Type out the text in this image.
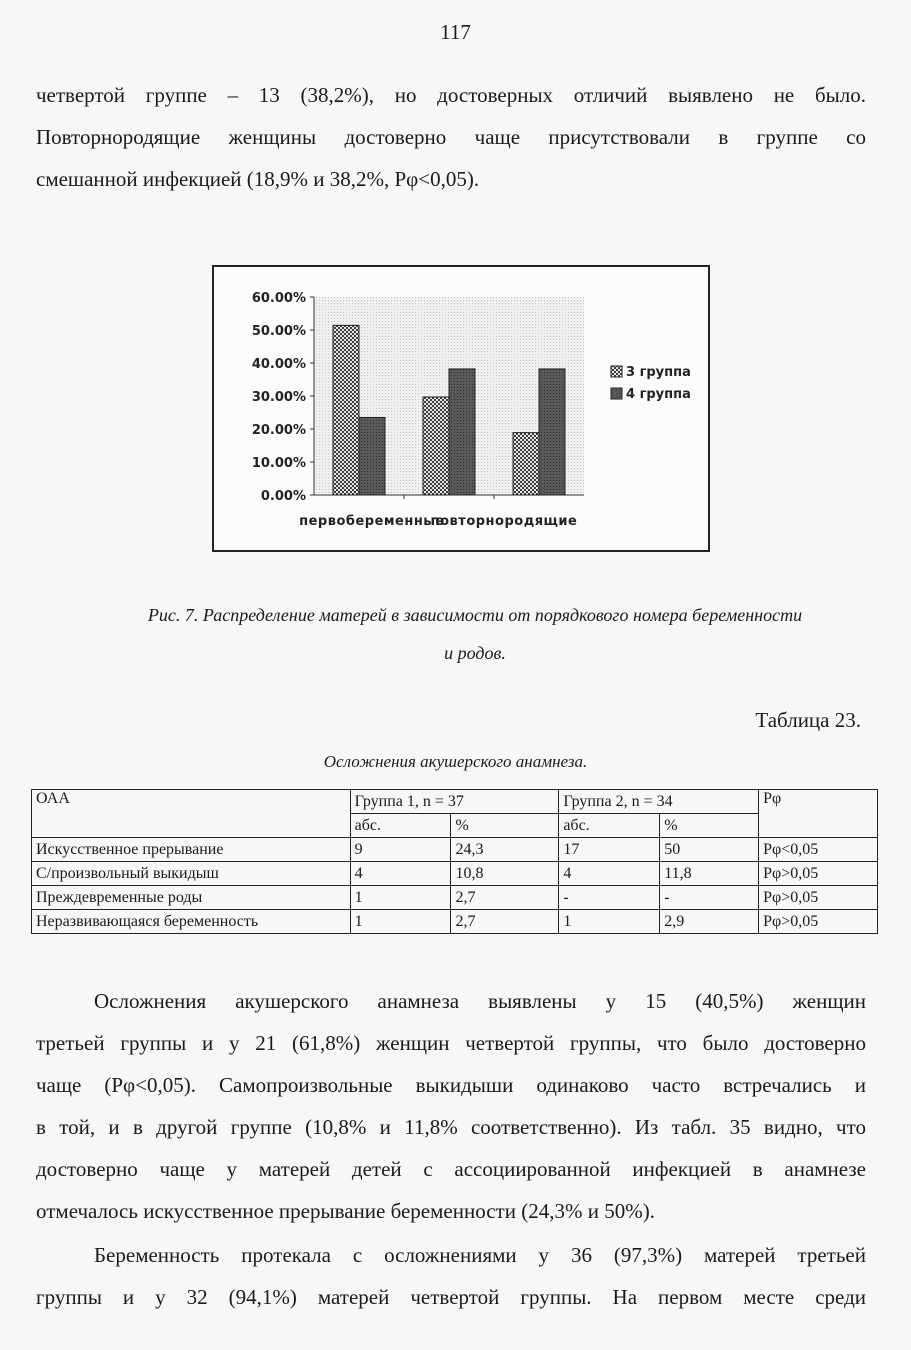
117

четвертой группе – 13 (38,2%), но достоверных отличий выявлено не было.
Повторнородящие женщины достоверно чаще присутствовали в группе со
смешанной инфекцией (18,9% и 38,2%, Рφ<0,05).

60.00%
50.00%
40.00%
30.00%
20.00%
10.00%
0.00%
первобеременные
повторнородящие
3 группа
4 группа
Рис. 7. Распределение матерей в зависимости от порядкового номера беременности
и родов.
Таблица 23.
Осложнения акушерского анамнеза.
ОАА	Группа 1, n = 37		Группа 2, n = 34		Рφ
	абс.	%	абс.	%	
Искусственное прерывание	9	24,3	17	50	Рφ<0,05
С/произвольный выкидыш	4	10,8	4	11,8	Рφ>0,05
Преждевременные роды	1	2,7	-	-	Рφ>0,05
Неразвивающаяся беременность	1	2,7	1	2,9	Рφ>0,05

Осложнения акушерского анамнеза выявлены у 15 (40,5%) женщин
третьей группы и у 21 (61,8%) женщин четвертой группы, что было достоверно
чаще (Рφ<0,05). Самопроизвольные выкидыши одинаково часто встречались и
в той, и в другой группе (10,8% и 11,8% соответственно). Из табл. 35 видно, что
достоверно чаще у матерей детей с ассоциированной инфекцией в анамнезе
отмечалось искусственное прерывание беременности (24,3% и 50%).

Беременность протекала с осложнениями у 36 (97,3%) матерей третьей
группы и у 32 (94,1%) матерей четвертой группы. На первом месте среди
